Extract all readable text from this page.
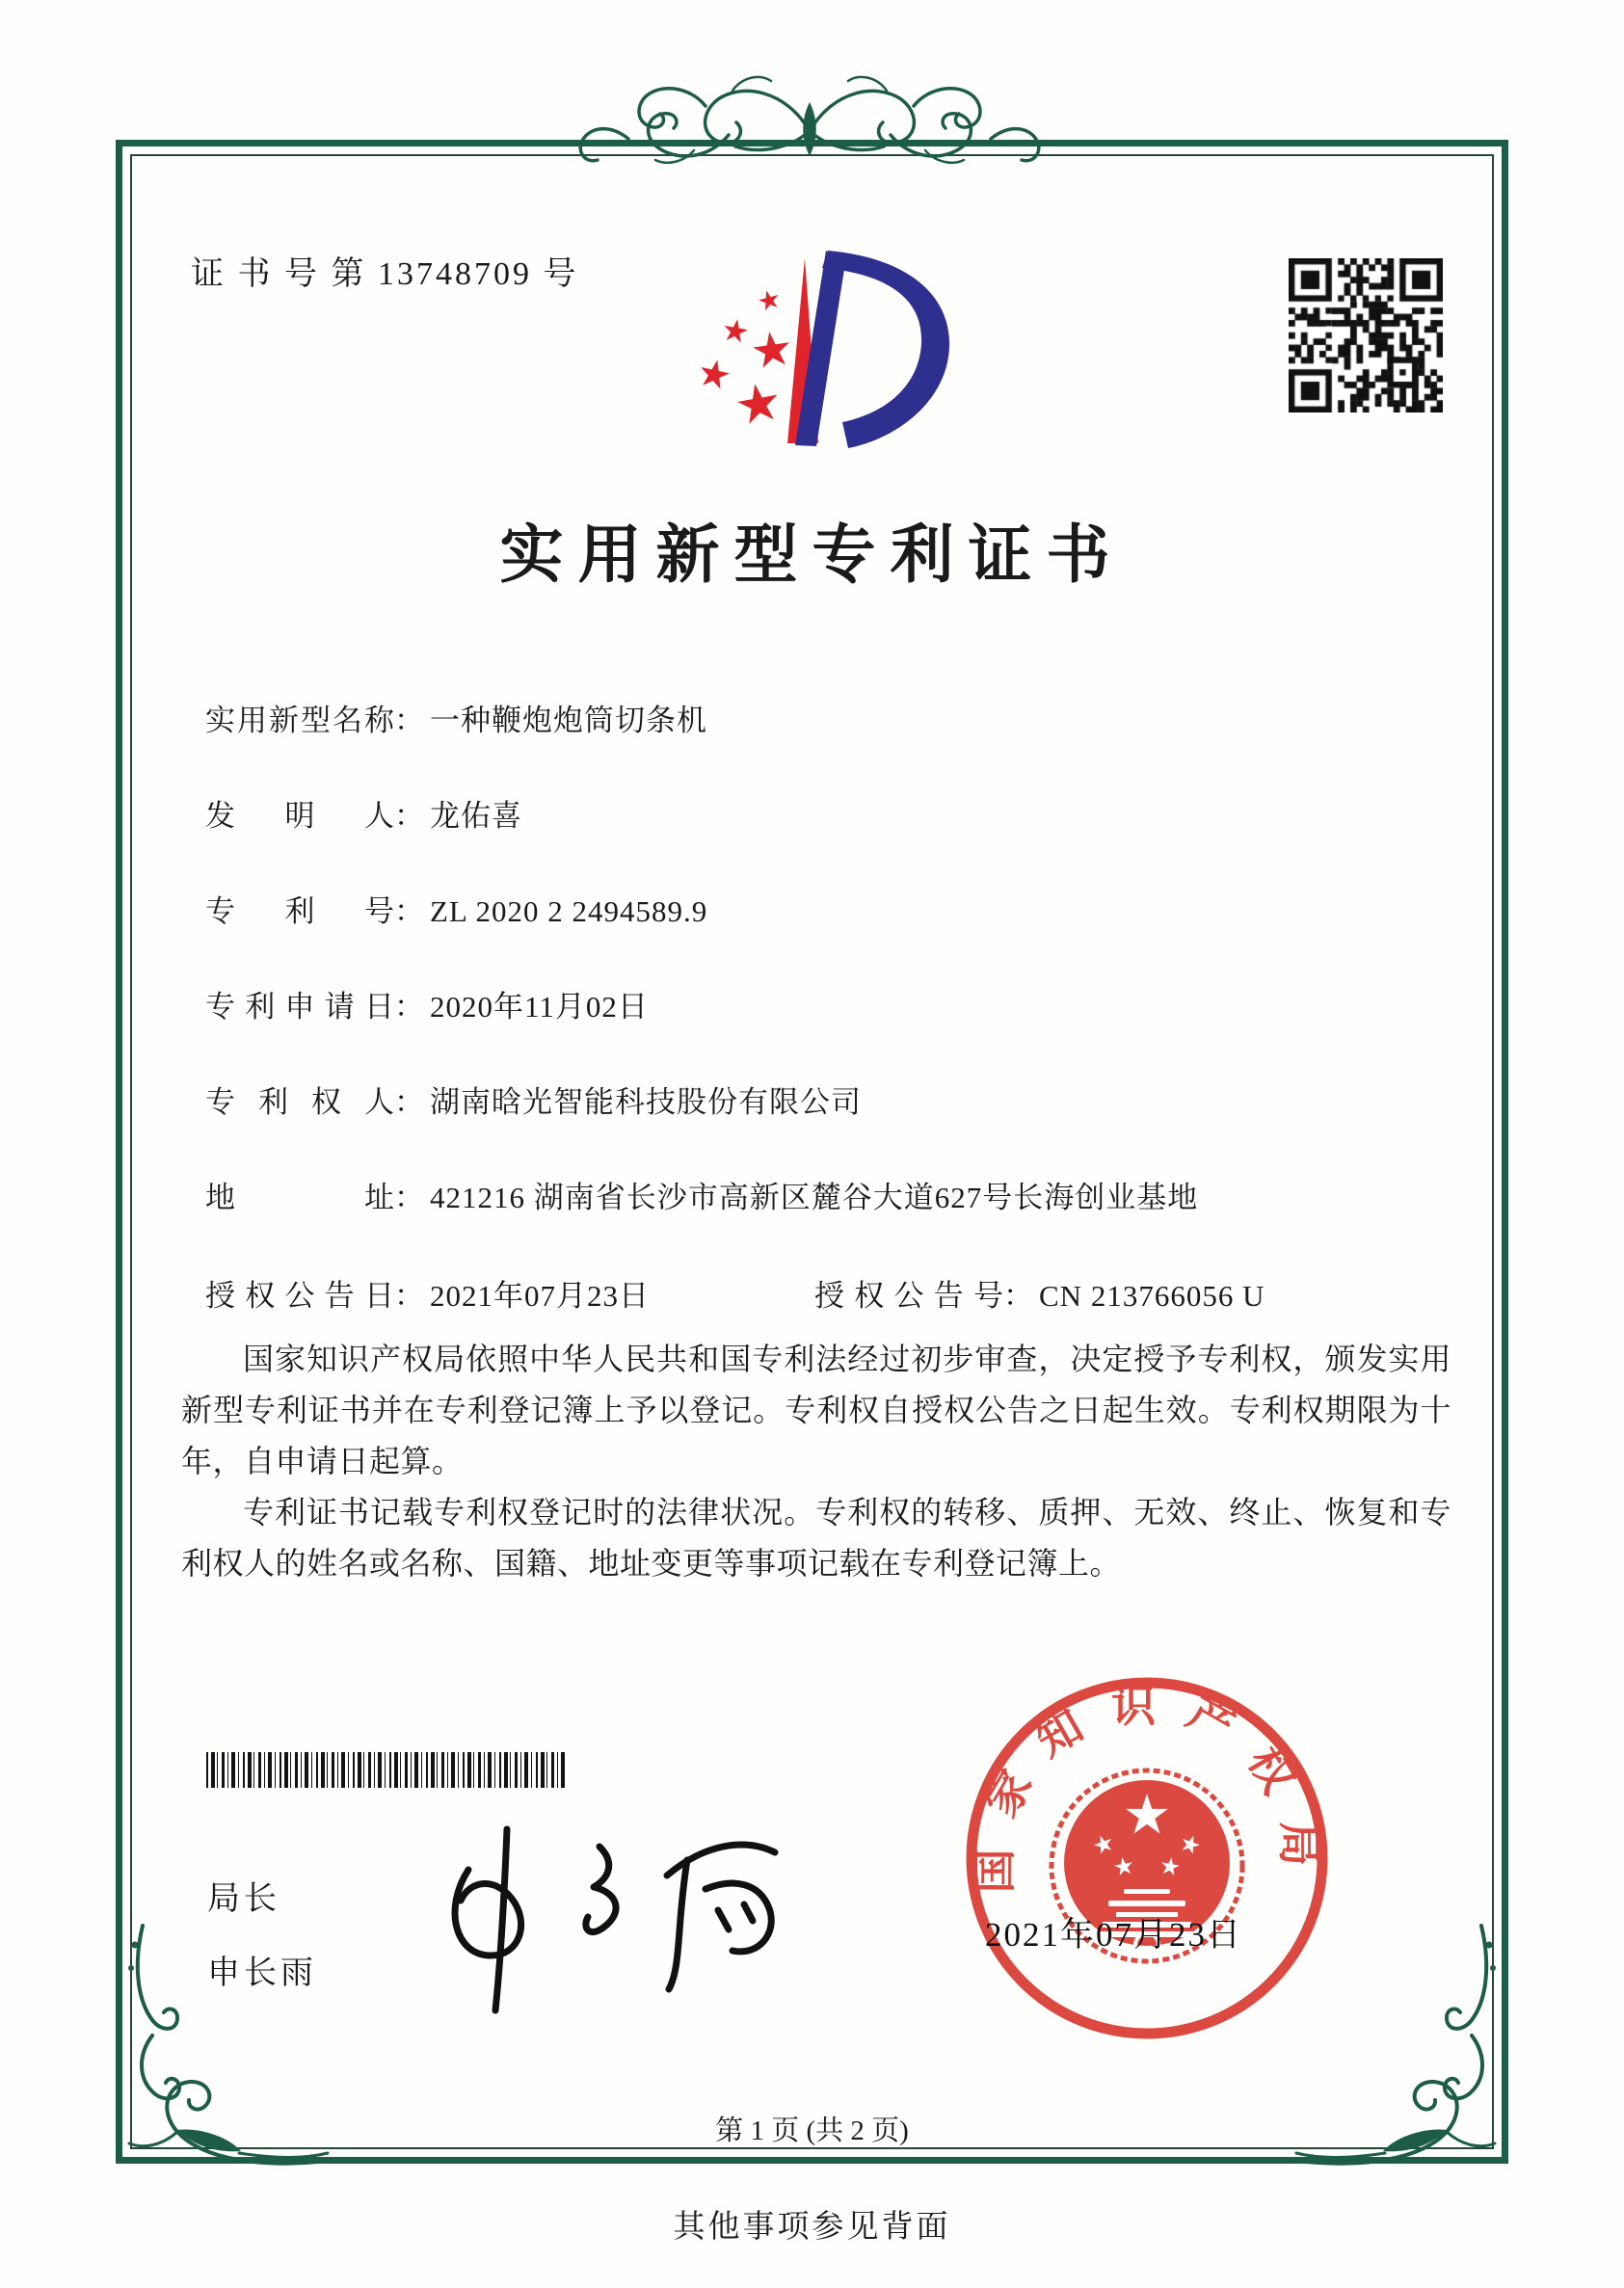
证 书 号 第 13748709 号
实用新型专利证书
实 用 新 型 名 称 ： 一种鞭炮炮筒切条机
发 明 人 ： 龙佑喜
专 利 号 ： ZL 2020 2 2494589.9
专 利 申 请 日 ： 2020年11月02日
专 利 权 人 ： 湖南晗光智能科技股份有限公司
地	址 ： 421216 湖南省长沙市高新区麓谷大道627号长海创业基地
授 权 公 告 日 ： 2021年07月23日	授 权 公 告 号 ： CN 213766056 U

国家知识产权局依照中华人民共和国专利法经过初步审查，决定授予专利权，颁发实用新型专利证书并在专利登记簿上予以登记。专利权自授权公告之日起生效。专利权期限为十年，自申请日起算。

专利证书记载专利权登记时的法律状况。专利权的转移、质押、无效、终止、恢复和专利权人的姓名或名称、国籍、地址变更等事项记载在专利登记簿上。

局长
申长雨
国家知识产权局
2021年07月23日
第 1 页 (共 2 页)
其他事项参见背面
